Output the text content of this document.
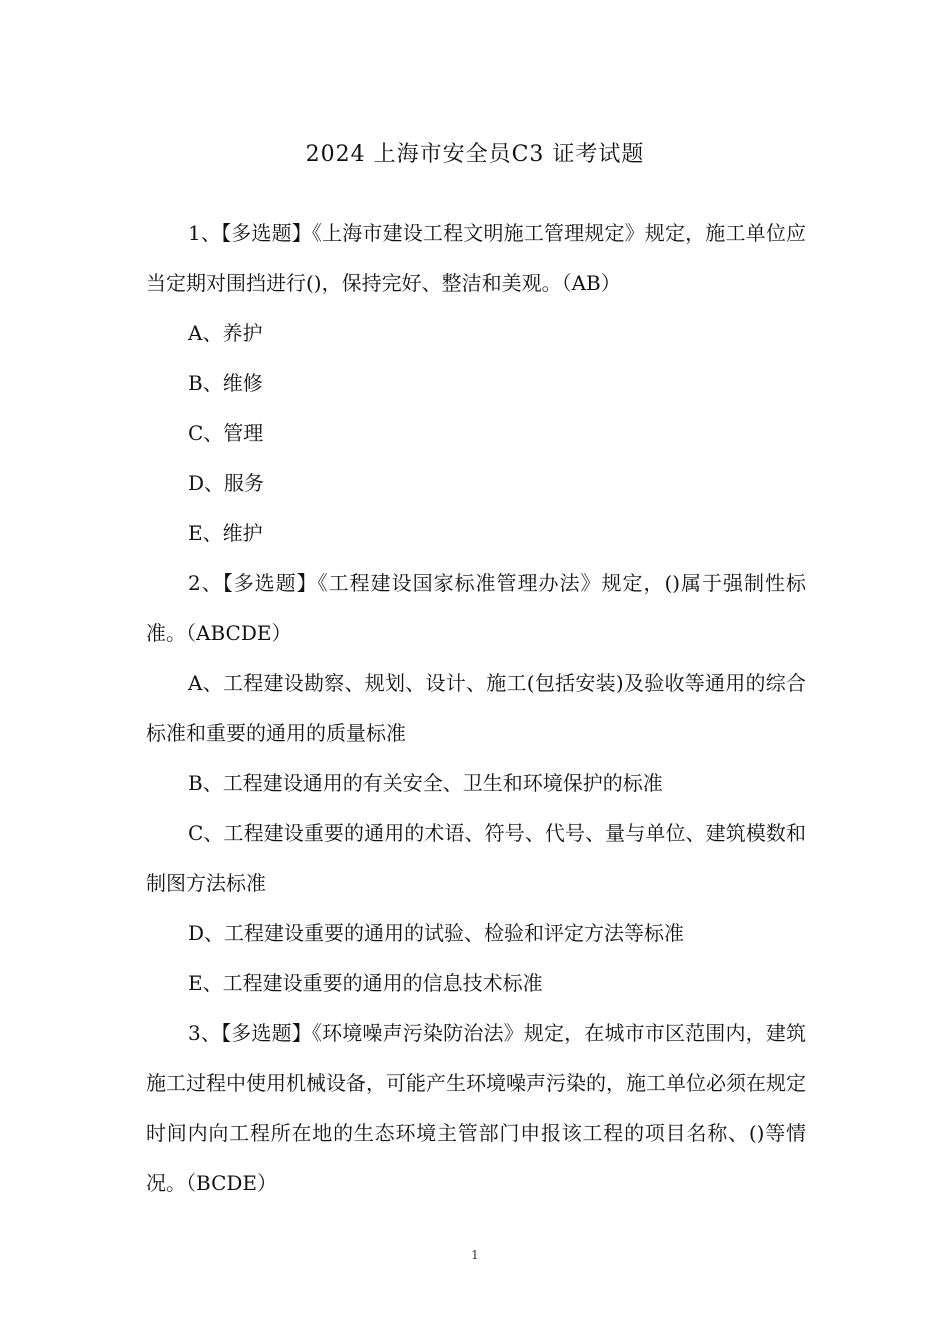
2024 上海市安全员C3 证考试题

1、【多选题】《上海市建设工程文明施工管理规定》规定，施工单位应当定期对围挡进行()，保持完好、整洁和美观。（AB）

A、养护

B、维修

C、管理

D、服务

E、维护

2、【多选题】《工程建设国家标准管理办法》规定，()属于强制性标准。（ABCDE）

A、工程建设勘察、规划、设计、施工(包括安装)及验收等通用的综合标准和重要的通用的质量标准

B、工程建设通用的有关安全、卫生和环境保护的标准

C、工程建设重要的通用的术语、符号、代号、量与单位、建筑模数和制图方法标准

D、工程建设重要的通用的试验、检验和评定方法等标准

E、工程建设重要的通用的信息技术标准

3、【多选题】《环境噪声污染防治法》规定，在城市市区范围内，建筑施工过程中使用机械设备，可能产生环境噪声污染的，施工单位必须在规定时间内向工程所在地的生态环境主管部门申报该工程的项目名称、()等情况。（BCDE）

1
